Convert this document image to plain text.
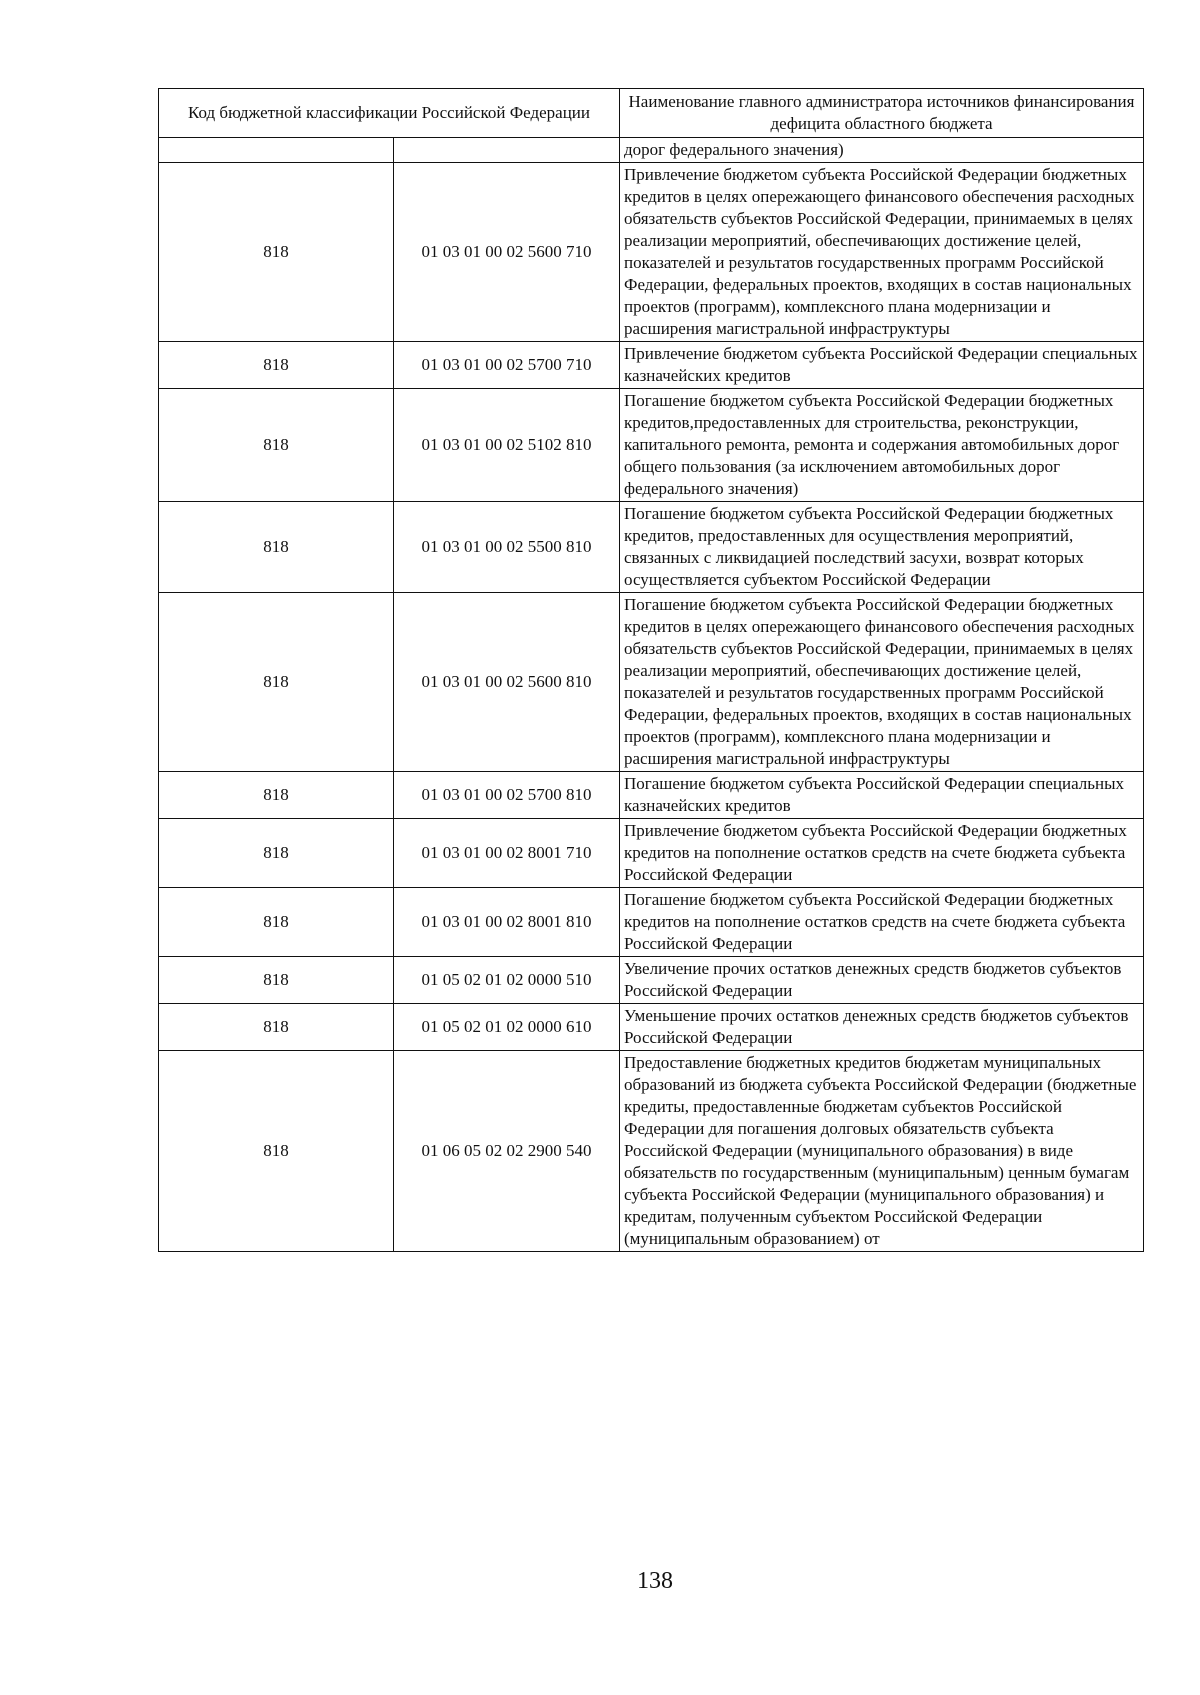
Код бюджетной классификации Российской Федерации		Наименование главного администратора источников финансирования дефицита областного бюджета
		дорог федерального значения)
818	01 03 01 00 02 5600 710	Привлечение бюджетом субъекта Российской Федерации бюджетных кредитов в целях опережающего финансового обеспечения расходных обязательств субъектов Российской Федерации, принимаемых в целях реализации мероприятий, обеспечивающих достижение целей, показателей и результатов государственных программ Российской Федерации, федеральных проектов, входящих в состав национальных проектов (программ), комплексного плана модернизации и расширения магистральной инфраструктуры
818	01 03 01 00 02 5700 710	Привлечение бюджетом субъекта Российской Федерации специальных казначейских кредитов
818	01 03 01 00 02 5102 810	Погашение бюджетом субъекта Российской Федерации бюджетных кредитов,предоставленных для строительства, реконструкции, капитального ремонта, ремонта и содержания автомобильных дорог общего пользования (за исключением автомобильных дорог федерального значения)
818	01 03 01 00 02 5500 810	Погашение бюджетом субъекта Российской Федерации бюджетных кредитов, предоставленных для осуществления мероприятий, связанных с ликвидацией последствий засухи, возврат которых осуществляется субъектом Российской Федерации
818	01 03 01 00 02 5600 810	Погашение бюджетом субъекта Российской Федерации бюджетных кредитов в целях опережающего финансового обеспечения расходных обязательств субъектов Российской Федерации, принимаемых в целях реализации мероприятий, обеспечивающих достижение целей, показателей и результатов государственных программ Российской Федерации, федеральных проектов, входящих в состав национальных проектов (программ), комплексного плана модернизации и расширения магистральной инфраструктуры
818	01 03 01 00 02 5700 810	Погашение бюджетом субъекта Российской Федерации специальных казначейских кредитов
818	01 03 01 00 02 8001 710	Привлечение бюджетом субъекта Российской Федерации бюджетных кредитов на пополнение остатков средств на счете бюджета субъекта Российской Федерации
818	01 03 01 00 02 8001 810	Погашение бюджетом субъекта Российской Федерации бюджетных кредитов на пополнение остатков средств на счете бюджета субъекта Российской Федерации
818	01 05 02 01 02 0000 510	Увеличение прочих остатков денежных средств бюджетов субъектов Российской Федерации
818	01 05 02 01 02 0000 610	Уменьшение прочих остатков денежных средств бюджетов субъектов Российской Федерации
818	01 06 05 02 02 2900 540	Предоставление бюджетных кредитов бюджетам муниципальных образований из бюджета субъекта Российской Федерации (бюджетные кредиты, предоставленные бюджетам субъектов Российской Федерации для погашения долговых обязательств субъекта Российской Федерации (муниципального образования) в виде обязательств по государственным (муниципальным) ценным бумагам субъекта Российской Федерации (муниципального образования) и кредитам, полученным субъектом Российской Федерации (муниципальным образованием) от
138
